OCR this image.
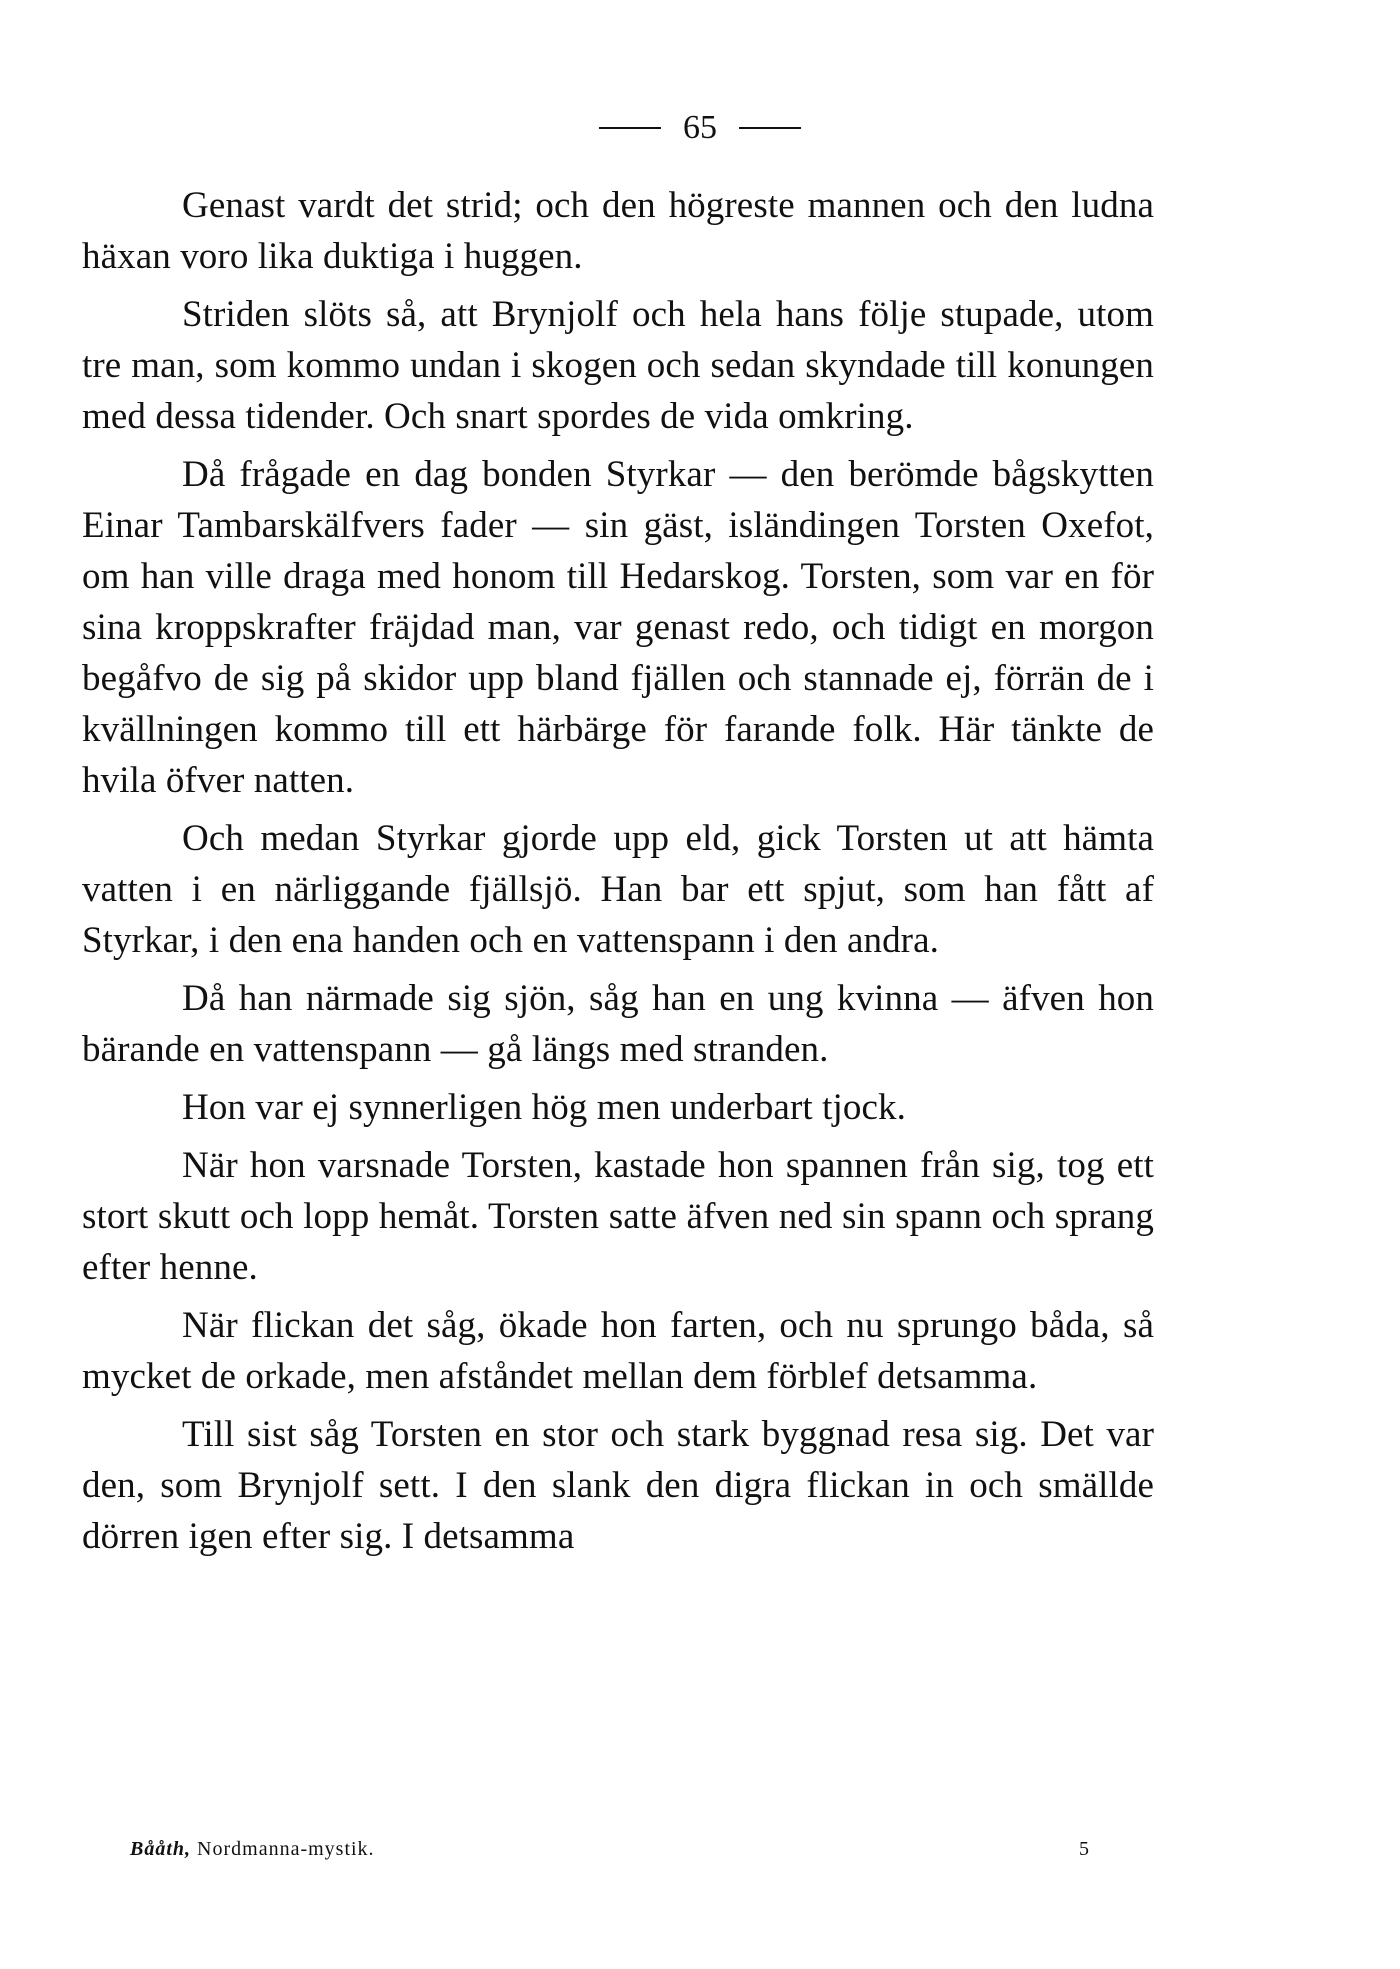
65

Genast vardt det strid; och den högreste mannen och den ludna häxan voro lika duktiga i huggen.

Striden slöts så, att Brynjolf och hela hans följe stupade, utom tre man, som kommo undan i skogen och sedan skyndade till konungen med dessa tidender. Och snart spordes de vida omkring.

Då frågade en dag bonden Styrkar — den berömde bågskytten Einar Tambarskälfvers fader — sin gäst, isländingen Torsten Oxefot, om han ville draga med honom till Hedarskog. Torsten, som var en för sina kroppskrafter fräjdad man, var genast redo, och tidigt en morgon begåfvo de sig på skidor upp bland fjällen och stannade ej, förrän de i kvällningen kommo till ett härbärge för farande folk. Här tänkte de hvila öfver natten.

Och medan Styrkar gjorde upp eld, gick Torsten ut att hämta vatten i en närliggande fjällsjö. Han bar ett spjut, som han fått af Styrkar, i den ena handen och en vattenspann i den andra.

Då han närmade sig sjön, såg han en ung kvinna — äfven hon bärande en vattenspann — gå längs med stranden.

Hon var ej synnerligen hög men underbart tjock.

När hon varsnade Torsten, kastade hon spannen från sig, tog ett stort skutt och lopp hemåt. Torsten satte äfven ned sin spann och sprang efter henne.

När flickan det såg, ökade hon farten, och nu sprungo båda, så mycket de orkade, men afståndet mellan dem förblef detsamma.

Till sist såg Torsten en stor och stark byggnad resa sig. Det var den, som Brynjolf sett. I den slank den digra flickan in och smällde dörren igen efter sig. I detsamma

Bååth, Nordmanna-mystik.	5
